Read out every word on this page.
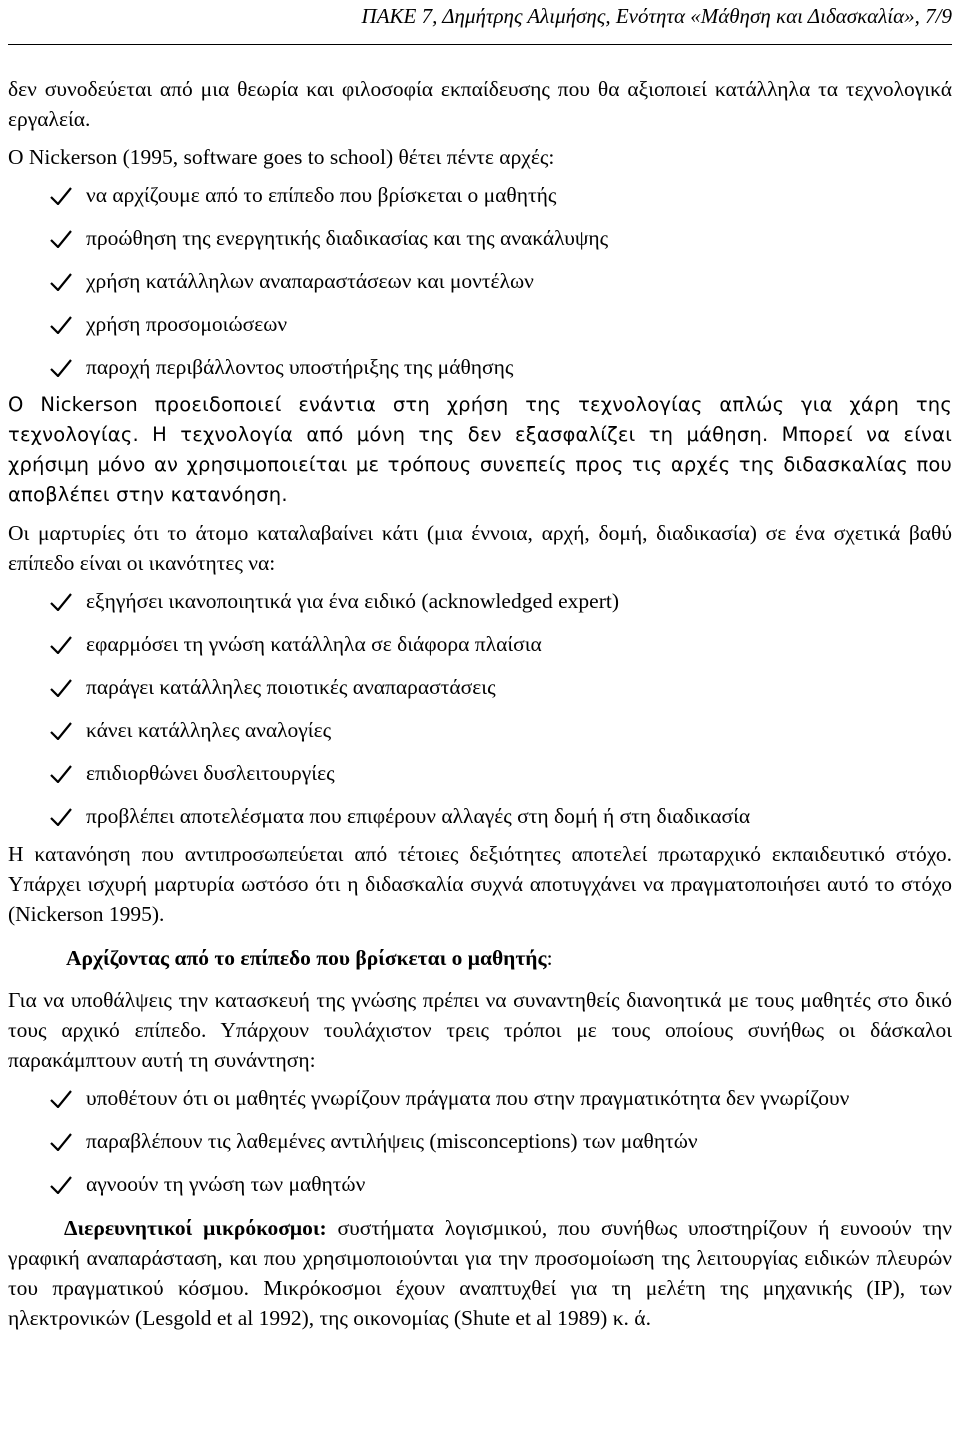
ΠΑΚΕ 7, Δημήτρης Αλιμήσης, Ενότητα «Μάθηση και Διδασκαλία», 7/9

δεν συνοδεύεται από μια θεωρία και φιλοσοφία εκπαίδευσης που θα αξιοποιεί κατάλληλα τα τεχνολογικά εργαλεία.

Ο Nickerson (1995, software goes to school) θέτει πέντε αρχές:

να αρχίζουμε από το επίπεδο που βρίσκεται ο μαθητής
προώθηση της ενεργητικής διαδικασίας και της ανακάλυψης
χρήση κατάλληλων αναπαραστάσεων και μοντέλων
χρήση προσομοιώσεων
παροχή περιβάλλοντος υποστήριξης της μάθησης

Ο Nickerson προειδοποιεί ενάντια στη χρήση της τεχνολογίας απλώς για χάρη της τεχνολογίας. Η τεχνολογία από μόνη της δεν εξασφαλίζει τη μάθηση. Μπορεί να είναι χρήσιμη μόνο αν χρησιμοποιείται με τρόπους συνεπείς προς τις αρχές της διδασκαλίας που αποβλέπει στην κατανόηση.

Οι μαρτυρίες ότι το άτομο καταλαβαίνει κάτι (μια έννοια, αρχή, δομή, διαδικασία) σε ένα σχετικά βαθύ επίπεδο είναι οι ικανότητες να:

εξηγήσει ικανοποιητικά για ένα ειδικό (acknowledged expert)
εφαρμόσει τη γνώση κατάλληλα σε διάφορα πλαίσια
παράγει κατάλληλες ποιοτικές αναπαραστάσεις
κάνει κατάλληλες αναλογίες
επιδιορθώνει δυσλειτουργίες
προβλέπει αποτελέσματα που επιφέρουν αλλαγές στη δομή ή στη διαδικασία

Η κατανόηση που αντιπροσωπεύεται από τέτοιες δεξιότητες αποτελεί πρωταρχικό εκπαιδευτικό στόχο. Υπάρχει ισχυρή μαρτυρία ωστόσο ότι η διδασκαλία συχνά αποτυγχάνει να πραγματοποιήσει αυτό το στόχο (Nickerson 1995).

Αρχίζοντας από το επίπεδο που βρίσκεται ο μαθητής:

Για να υποθάλψεις την κατασκευή της γνώσης πρέπει να συναντηθείς διανοητικά με τους μαθητές στο δικό τους αρχικό επίπεδο. Υπάρχουν τουλάχιστον τρεις τρόποι με τους οποίους συνήθως οι δάσκαλοι παρακάμπτουν αυτή τη συνάντηση:

υποθέτουν ότι οι μαθητές γνωρίζουν πράγματα που στην πραγματικότητα δεν γνωρίζουν
παραβλέπουν τις λαθεμένες αντιλήψεις (misconceptions) των μαθητών
αγνοούν τη γνώση των μαθητών

Διερευνητικοί μικρόκοσμοι: συστήματα λογισμικού, που συνήθως υποστηρίζουν ή ευνοούν την γραφική αναπαράσταση, και που χρησιμοποιούνται για την προσομοίωση της λειτουργίας ειδικών πλευρών του πραγματικού κόσμου. Μικρόκοσμοι έχουν αναπτυχθεί για τη μελέτη της μηχανικής (IP), των ηλεκτρονικών (Lesgold et al 1992), της οικονομίας (Shute et al 1989) κ. ά.
